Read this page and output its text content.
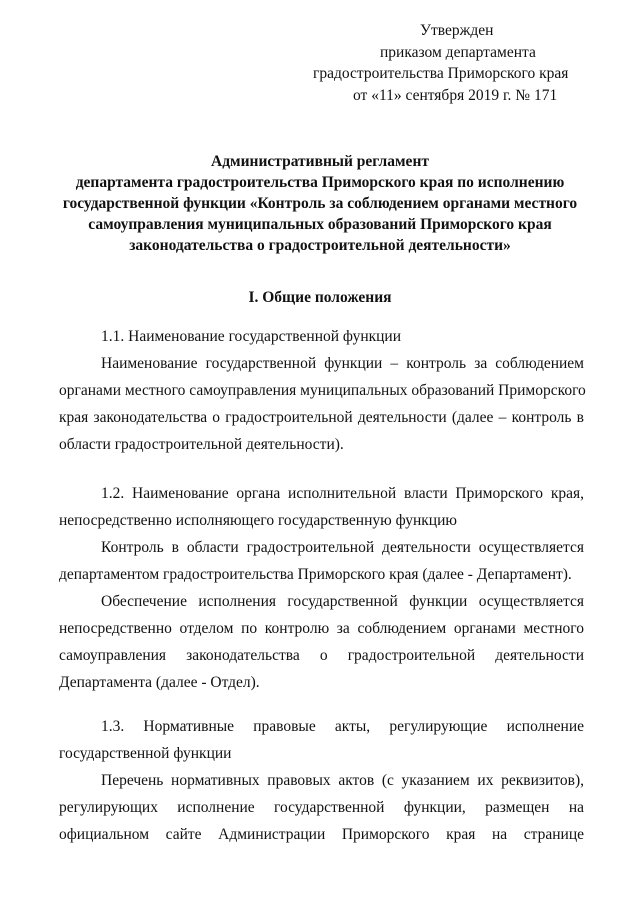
Утвержден
приказом департамента
градостроительства Приморского края
от «11» сентября 2019 г. № 171
Административный регламент
департамента градостроительства Приморского края по исполнению
государственной функции «Контроль за соблюдением органами местного
самоуправления муниципальных образований Приморского края
законодательства о градостроительной деятельности»
I. Общие положения
1.1. Наименование государственной функции
Наименование государственной функции – контроль за соблюдением
органами местного самоуправления муниципальных образований Приморского
края законодательства о градостроительной деятельности (далее – контроль в
области градостроительной деятельности).
1.2. Наименование органа исполнительной власти Приморского края,
непосредственно исполняющего государственную функцию
Контроль в области градостроительной деятельности осуществляется
департаментом градостроительства Приморского края (далее - Департамент).
Обеспечение исполнения государственной функции осуществляется
непосредственно отделом по контролю за соблюдением органами местного
самоуправления законодательства о градостроительной деятельности
Департамента (далее - Отдел).
1.3. Нормативные правовые акты, регулирующие исполнение
государственной функции
Перечень нормативных правовых актов (с указанием их реквизитов),
регулирующих исполнение государственной функции, размещен на
официальном сайте Администрации Приморского края на странице
